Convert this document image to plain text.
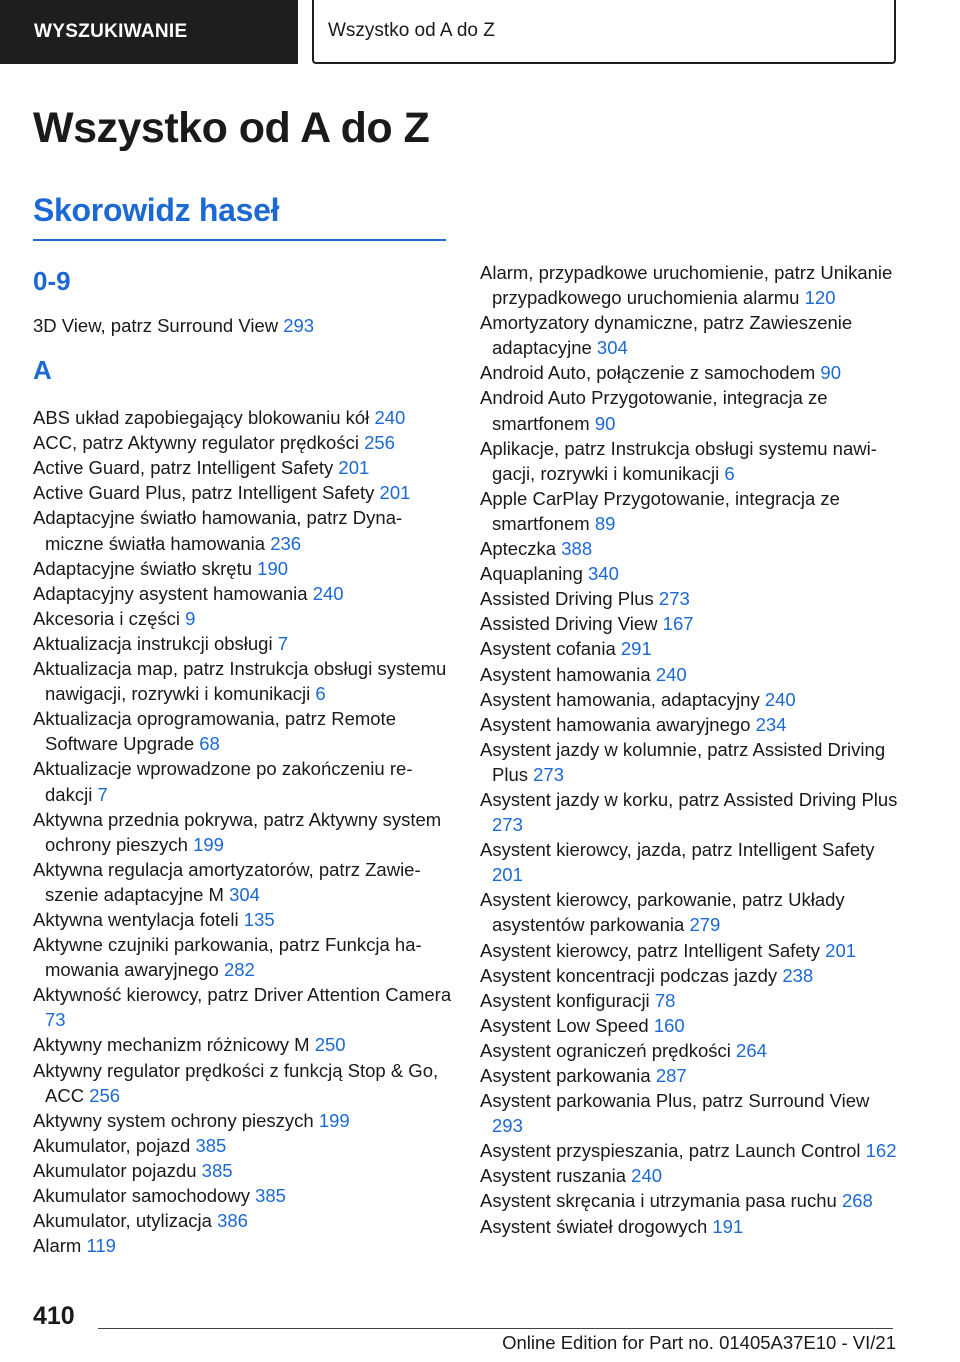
WYSZUKIWANIE	Wszystko od A do Z
Wszystko od A do Z
Skorowidz haseł
0-9
3D View, patrz Surround View 293
A
ABS układ zapobiegający blokowaniu kół 240
ACC, patrz Aktywny regulator prędkości 256
Active Guard, patrz Intelligent Safety 201
Active Guard Plus, patrz Intelligent Safety 201
Adaptacyjne światło hamowania, patrz Dynamiczne światła hamowania 236
Adaptacyjne światło skrętu 190
Adaptacyjny asystent hamowania 240
Akcesoria i części 9
Aktualizacja instrukcji obsługi 7
Aktualizacja map, patrz Instrukcja obsługi systemu nawigacji, rozrywki i komunikacji 6
Aktualizacja oprogramowania, patrz Remote Software Upgrade 68
Aktualizacje wprowadzone po zakończeniu redakcji 7
Aktywna przednia pokrywa, patrz Aktywny system ochrony pieszych 199
Aktywna regulacja amortyzatorów, patrz Zawieszenie adaptacyjne M 304
Aktywna wentylacja foteli 135
Aktywne czujniki parkowania, patrz Funkcja hamowania awaryjnego 282
Aktywność kierowcy, patrz Driver Attention Camera 73
Aktywny mechanizm różnicowy M 250
Aktywny regulator prędkości z funkcją Stop & Go, ACC 256
Aktywny system ochrony pieszych 199
Akumulator, pojazd 385
Akumulator pojazdu 385
Akumulator samochodowy 385
Akumulator, utylizacja 386
Alarm 119
Alarm, przypadkowe uruchomienie, patrz Unikanie przypadkowego uruchomienia alarmu 120
Amortyzatory dynamiczne, patrz Zawieszenie adaptacyjne 304
Android Auto, połączenie z samochodem 90
Android Auto Przygotowanie, integracja ze smartfonem 90
Aplikacje, patrz Instrukcja obsługi systemu nawigacji, rozrywki i komunikacji 6
Apple CarPlay Przygotowanie, integracja ze smartfonem 89
Apteczka 388
Aquaplaning 340
Assisted Driving Plus 273
Assisted Driving View 167
Asystent cofania 291
Asystent hamowania 240
Asystent hamowania, adaptacyjny 240
Asystent hamowania awaryjnego 234
Asystent jazdy w kolumnie, patrz Assisted Driving Plus 273
Asystent jazdy w korku, patrz Assisted Driving Plus 273
Asystent kierowcy, jazda, patrz Intelligent Safety 201
Asystent kierowcy, parkowanie, patrz Układy asystentów parkowania 279
Asystent kierowcy, patrz Intelligent Safety 201
Asystent koncentracji podczas jazdy 238
Asystent konfiguracji 78
Asystent Low Speed 160
Asystent ograniczeń prędkości 264
Asystent parkowania 287
Asystent parkowania Plus, patrz Surround View 293
Asystent przyspieszania, patrz Launch Control 162
Asystent ruszania 240
Asystent skręcania i utrzymania pasa ruchu 268
Asystent świateł drogowych 191
410
Online Edition for Part no. 01405A37E10 - VI/21
